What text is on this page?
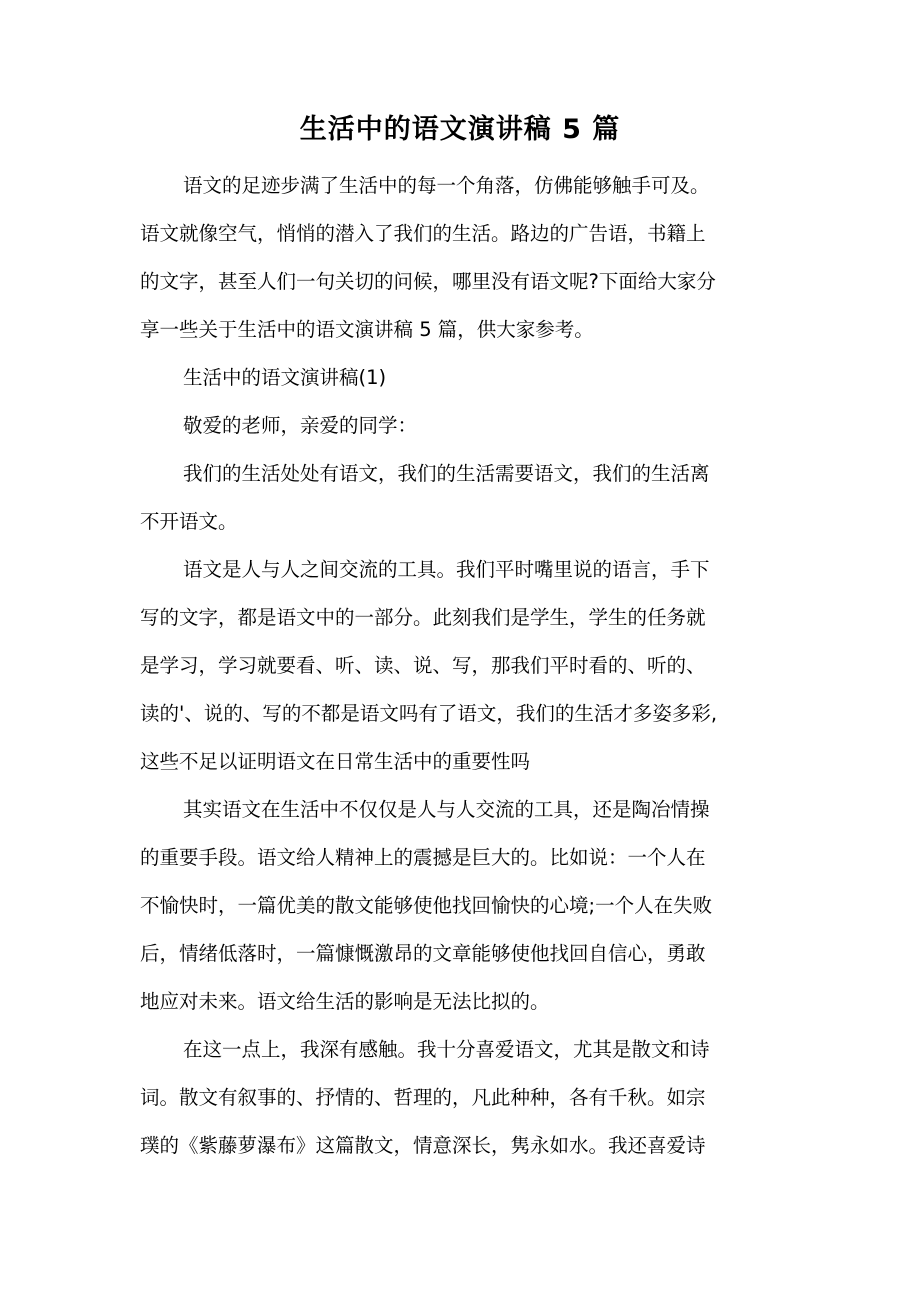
生活中的语文演讲稿 5 篇

语文的足迹步满了生活中的每一个角落，仿佛能够触手可及。
语文就像空气，悄悄的潜入了我们的生活。路边的广告语，书籍上
的文字，甚至人们一句关切的问候，哪里没有语文呢?下面给大家分
享一些关于生活中的语文演讲稿 5 篇，供大家参考。

生活中的语文演讲稿(1)

敬爱的老师，亲爱的同学：

我们的生活处处有语文，我们的生活需要语文，我们的生活离
不开语文。

语文是人与人之间交流的工具。我们平时嘴里说的语言，手下
写的文字，都是语文中的一部分。此刻我们是学生，学生的任务就
是学习，学习就要看、听、读、说、写，那我们平时看的、听的、
读的'、说的、写的不都是语文吗有了语文，我们的生活才多姿多彩,
这些不足以证明语文在日常生活中的重要性吗

其实语文在生活中不仅仅是人与人交流的工具，还是陶冶情操
的重要手段。语文给人精神上的震撼是巨大的。比如说：一个人在
不愉快时，一篇优美的散文能够使他找回愉快的心境;一个人在失败
后，情绪低落时，一篇慷慨激昂的文章能够使他找回自信心，勇敢
地应对未来。语文给生活的影响是无法比拟的。

在这一点上，我深有感触。我十分喜爱语文，尤其是散文和诗
词。散文有叙事的、抒情的、哲理的，凡此种种，各有千秋。如宗
璞的《紫藤萝瀑布》这篇散文，情意深长，隽永如水。我还喜爱诗
